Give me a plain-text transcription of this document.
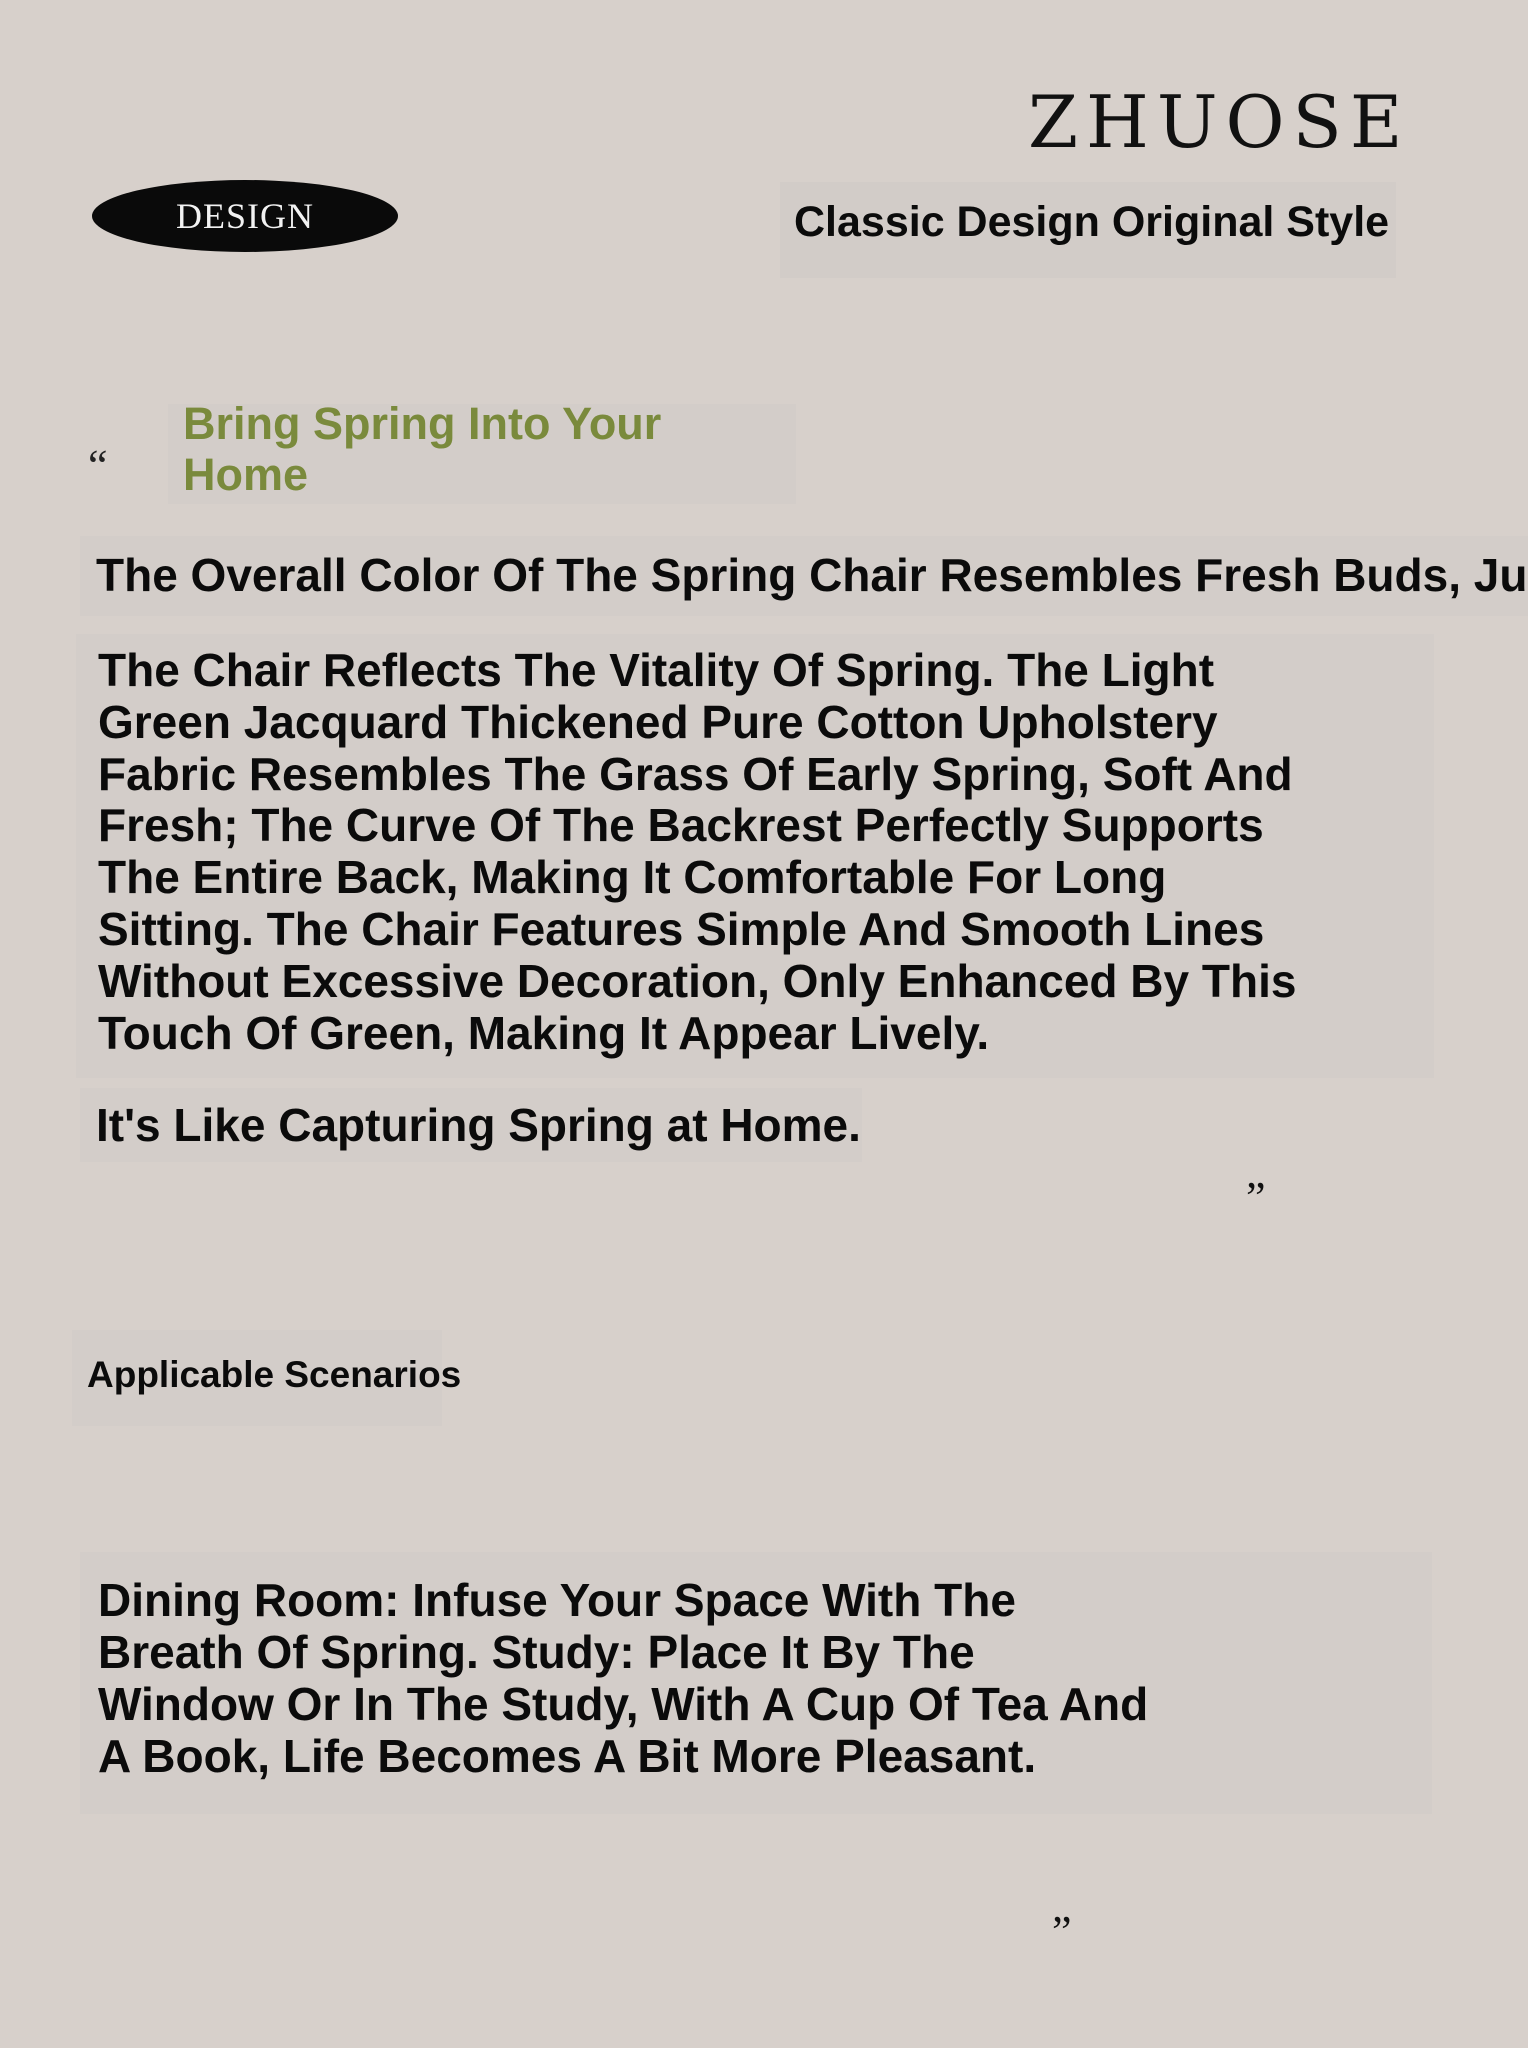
ZHUOSE
DESIGN	Classic Design Original Style
“
Bring Spring Into Your
Home
The Overall Color Of The Spring Chair Resembles Fresh Buds, Ju
The Chair Reflects The Vitality Of Spring. The Light
Green Jacquard Thickened Pure Cotton Upholstery
Fabric Resembles The Grass Of Early Spring, Soft And
Fresh; The Curve Of The Backrest Perfectly Supports
The Entire Back, Making It Comfortable For Long
Sitting. The Chair Features Simple And Smooth Lines
Without Excessive Decoration, Only Enhanced By This
Touch Of Green, Making It Appear Lively.
It's Like Capturing Spring at Home.
”
Applicable Scenarios
Dining Room: Infuse Your Space With The
Breath Of Spring. Study: Place It By The
Window Or In The Study, With A Cup Of Tea And
A Book, Life Becomes A Bit More Pleasant.
”
